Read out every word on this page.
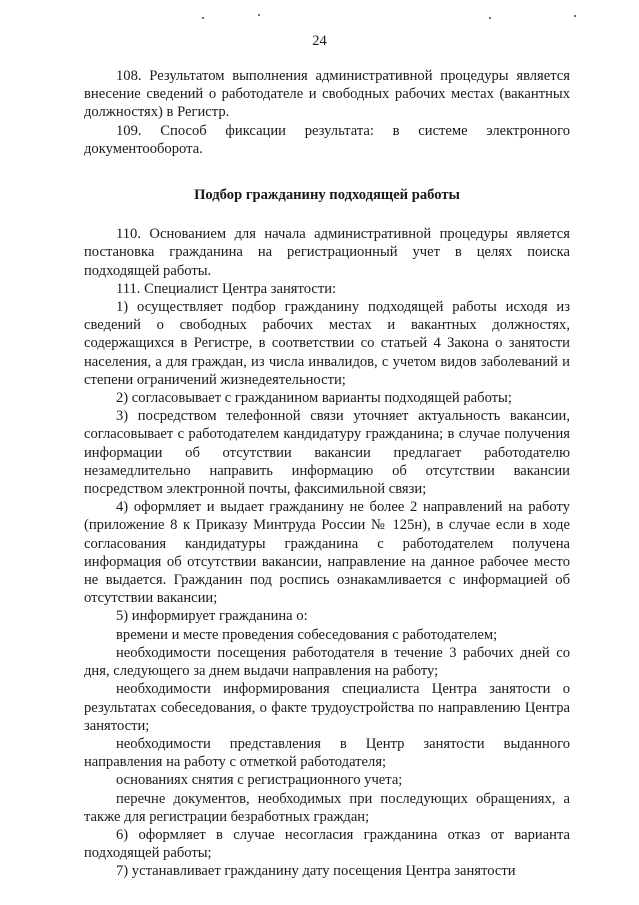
24

108. Результатом выполнения административной процедуры является внесение сведений о работодателе и свободных рабочих местах (вакантных должностях) в Регистр.

109. Способ фиксации результата: в системе электронного документооборота.

Подбор гражданину подходящей работы

110. Основанием для начала административной процедуры является постановка гражданина на регистрационный учет в целях поиска подходящей работы.

111. Специалист Центра занятости:

1) осуществляет подбор гражданину подходящей работы исходя из сведений о свободных рабочих местах и вакантных должностях, содержащихся в Регистре, в соответствии со статьей 4 Закона о занятости населения, а для граждан, из числа инвалидов, с учетом видов заболеваний и степени ограничений жизнедеятельности;

2) согласовывает с гражданином варианты подходящей работы;

3) посредством телефонной связи уточняет актуальность вакансии, согласовывает с работодателем кандидатуру гражданина; в случае получения информации об отсутствии вакансии предлагает работодателю незамедлительно направить информацию об отсутствии вакансии посредством электронной почты, факсимильной связи;

4) оформляет и выдает гражданину не более 2 направлений на работу (приложение 8 к Приказу Минтруда России № 125н), в случае если в ходе согласования кандидатуры гражданина с работодателем получена информация об отсутствии вакансии, направление на данное рабочее место не выдается. Гражданин под роспись ознакамливается с информацией об отсутствии вакансии;

5) информирует гражданина о:

времени и месте проведения собеседования с работодателем;

необходимости посещения работодателя в течение 3 рабочих дней со дня, следующего за днем выдачи направления на работу;

необходимости информирования специалиста Центра занятости о результатах собеседования, о факте трудоустройства по направлению Центра занятости;

необходимости представления в Центр занятости выданного направления на работу с отметкой работодателя;

основаниях снятия с регистрационного учета;

перечне документов, необходимых при последующих обращениях, а также для регистрации безработных граждан;

6) оформляет в случае несогласия гражданина отказ от варианта подходящей работы;

7) устанавливает гражданину дату посещения Центра занятости
